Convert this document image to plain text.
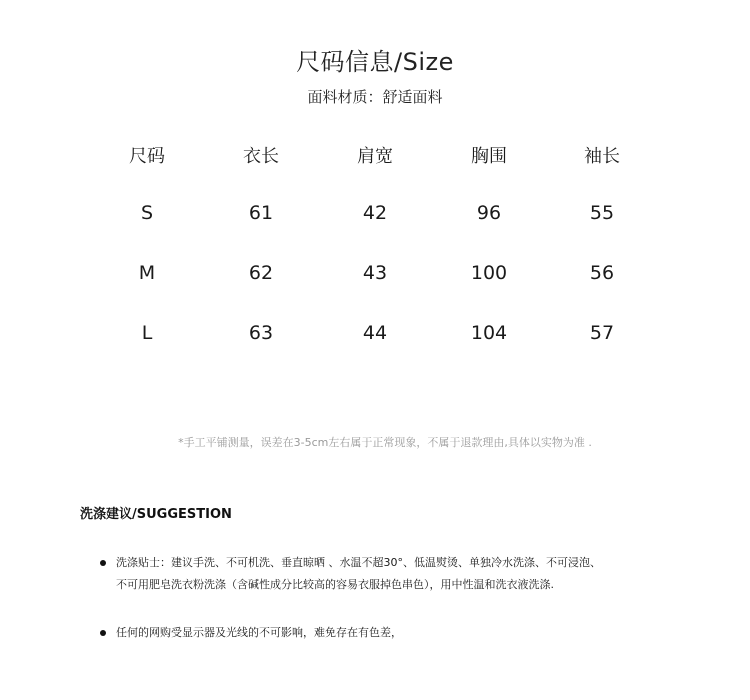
尺码信息/Size
面料材质：舒适面料
尺码	衣长	肩宽	胸围	袖长
S	61	42	96	55
M	62	43	100	56
L	63	44	104	57
*手工平铺测量，误差在3-5cm左右属于正常现象，不属于退款理由,具体以实物为准 .
洗涤建议/SUGGESTION
洗涤贴士：建议手洗、不可机洗、垂直晾晒 、水温不超30°、低温熨烫、单独冷水洗涤、不可浸泡、
不可用肥皂洗衣粉洗涤（含碱性成分比较高的容易衣服掉色串色），用中性温和洗衣液洗涤.
任何的网购受显示器及光线的不可影响，难免存在有色差，
